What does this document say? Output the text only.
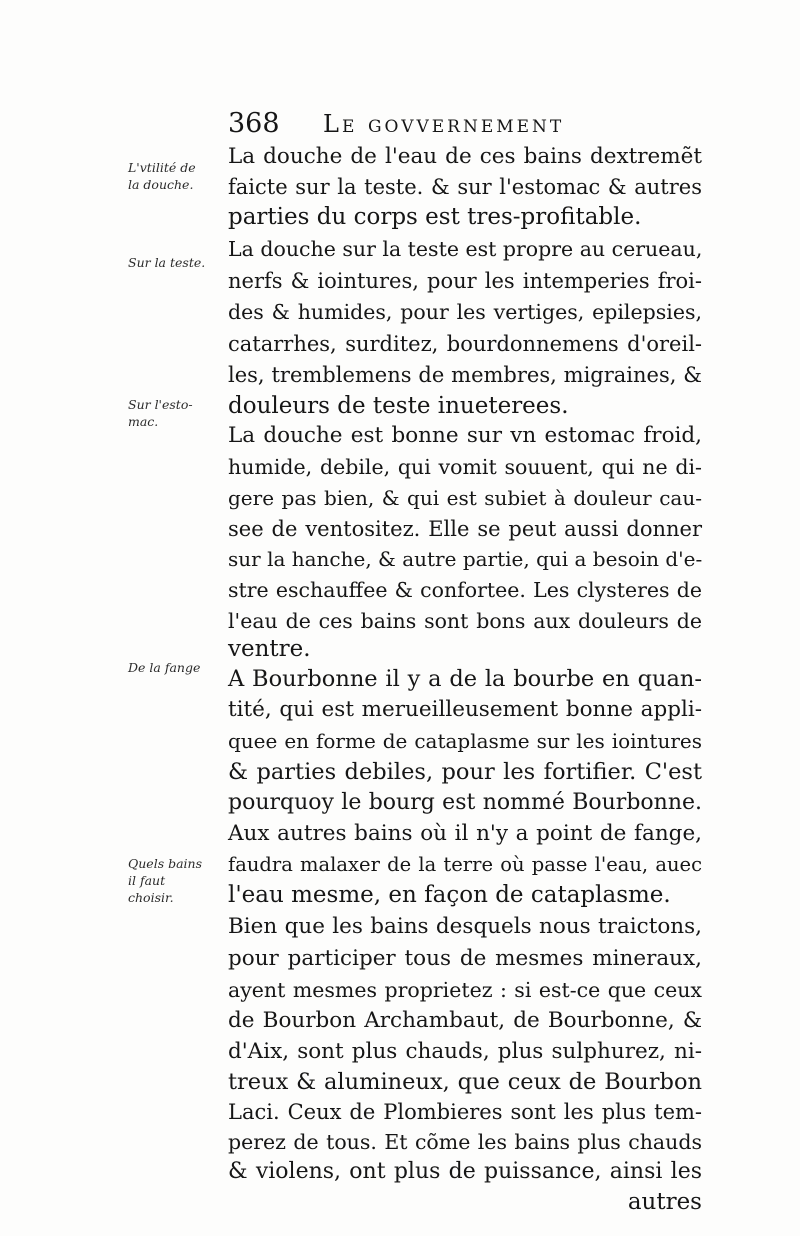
368 Le govvernement
L'vtilité de
la douche.
Sur la teste.
Sur l'esto-
mac.
De la fange
Quels bains
il faut
choisir.
La douche de l'eau de ces bains dextremẽt
faicte sur la teste. & sur l'estomac & autres
parties du corps est tres-profitable.
La douche sur la teste est propre au cerueau,
nerfs & iointures, pour les intemperies froi-
des & humides, pour les vertiges, epilepsies,
catarrhes, surditez, bourdonnemens d'oreil-
les, tremblemens de membres, migraines, &
douleurs de teste inueterees.
La douche est bonne sur vn estomac froid,
humide, debile, qui vomit souuent, qui ne di-
gere pas bien, & qui est subiet à douleur cau-
see de ventositez. Elle se peut aussi donner
sur la hanche, & autre partie, qui a besoin d'e-
stre eschauffee & confortee. Les clysteres de
l'eau de ces bains sont bons aux douleurs de
ventre.
A Bourbonne il y a de la bourbe en quan-
tité, qui est merueilleusement bonne appli-
quee en forme de cataplasme sur les iointures
& parties debiles, pour les fortifier. C'est
pourquoy le bourg est nommé Bourbonne.
Aux autres bains où il n'y a point de fange,
faudra malaxer de la terre où passe l'eau, auec
l'eau mesme, en façon de cataplasme.
Bien que les bains desquels nous traictons,
pour participer tous de mesmes mineraux,
ayent mesmes proprietez : si est-ce que ceux
de Bourbon Archambaut, de Bourbonne, &
d'Aix, sont plus chauds, plus sulphurez, ni-
treux & alumineux, que ceux de Bourbon
Laci. Ceux de Plombieres sont les plus tem-
perez de tous. Et cõme les bains plus chauds
& violens, ont plus de puissance, ainsi les
autres
